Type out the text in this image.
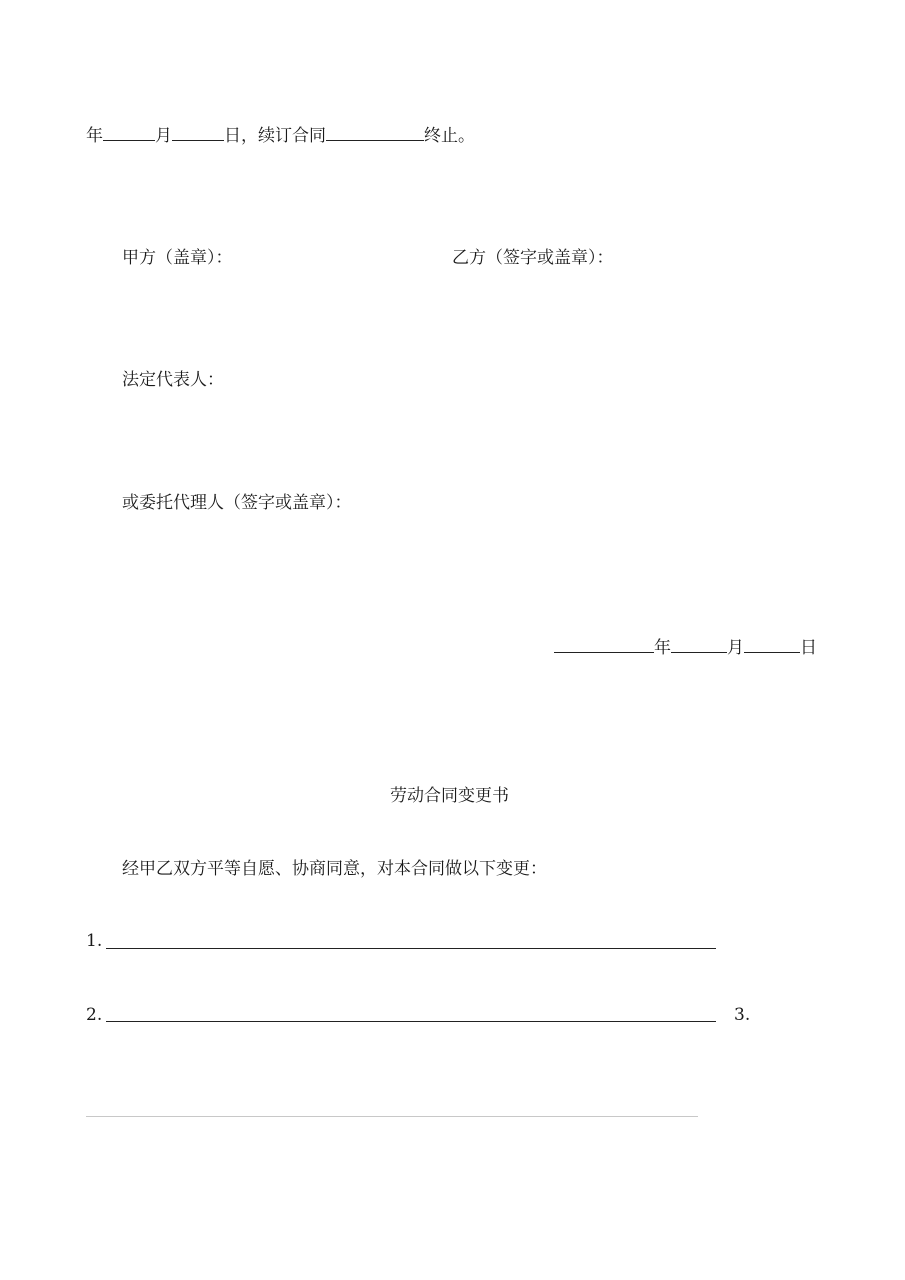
年	月	日，续订合同	终止。
甲方（盖章）：	乙方（签字或盖章）：
法定代表人：
或委托代理人（签字或盖章）：
年	月	日
劳动合同变更书
经甲乙双方平等自愿、协商同意，对本合同做以下变更：
1.
2.	3.
